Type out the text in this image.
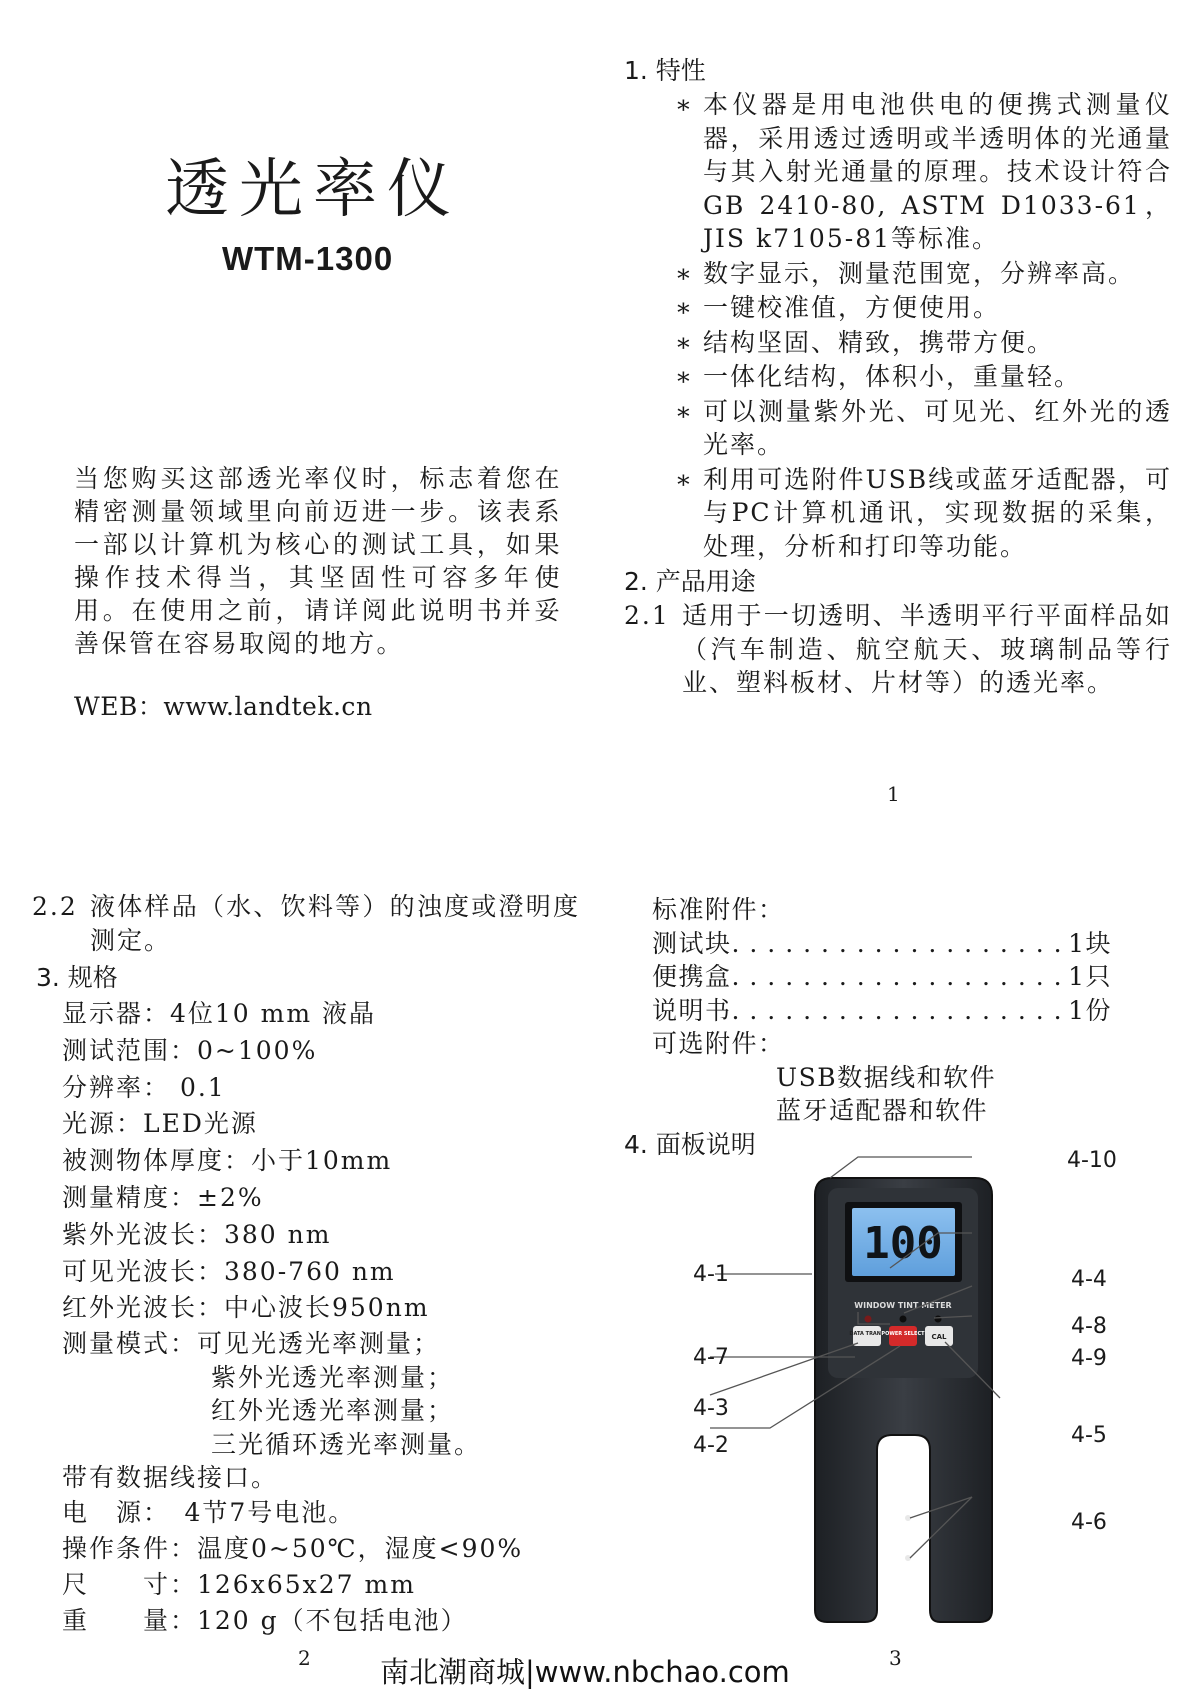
透光率仪
WTM-1300
当您购买这部透光率仪时，标志着您在精密测量领域里向前迈进一步。该表系一部以计算机为核心的测试工具，如果操作技术得当，其坚固性可容多年使用。在使用之前，请详阅此说明书并妥善保管在容易取阅的地方。
WEB：www.landtek.cn
1. 特性
∗ 本仪器是用电池供电的便携式测量仪器，采用透过透明或半透明体的光通量与其入射光通量的原理。技术设计符合GB 2410-80, ASTM D1033-61，JIS k7105-81等标准。
∗ 数字显示，测量范围宽，分辨率高。
∗ 一键校准值，方便使用。
∗ 结构坚固、精致，携带方便。
∗ 一体化结构，体积小，重量轻。
∗ 可以测量紫外光、可见光、红外光的透光率。
∗ 利用可选附件USB线或蓝牙适配器，可与PC计算机通讯，实现数据的采集，处理，分析和打印等功能。
2. 产品用途
2.1 适用于一切透明、半透明平行平面样品如（汽车制造、航空航天、玻璃制品等行业、塑料板材、片材等）的透光率。
1
2.2 液体样品（水、饮料等）的浊度或澄明度测定。
3. 规格
显示器：4位10 mm 液晶
测试范围：0~100%
分辨率： 0.1
光源：LED光源
被测物体厚度：小于10mm
测量精度：±2%
紫外光波长：380 nm
可见光波长：380-760 nm
红外光波长：中心波长950nm
测量模式：可见光透光率测量；
紫外光透光率测量；
红外光透光率测量；
三光循环透光率测量。
带有数据线接口。
电　源：　4节7号电池。
操作条件：温度0~50℃，湿度<90%
尺　　寸：126x65x27 mm
重　　量：120 g（不包括电池）
2
标准附件：
测试块 . . .	1块
便携盒 . . .	1只
说明书 . . .	1份
可选附件：
USB数据线和软件
蓝牙适配器和软件
4. 面板说明
100
WINDOW TINT METER
DATA TRANS
POWER SELECT CAL
4-10
4-1	4-4
4-8
4-9
4-7
4-3
4-5
4-2
4-6
3
南北潮商城|www.nbchao.com
